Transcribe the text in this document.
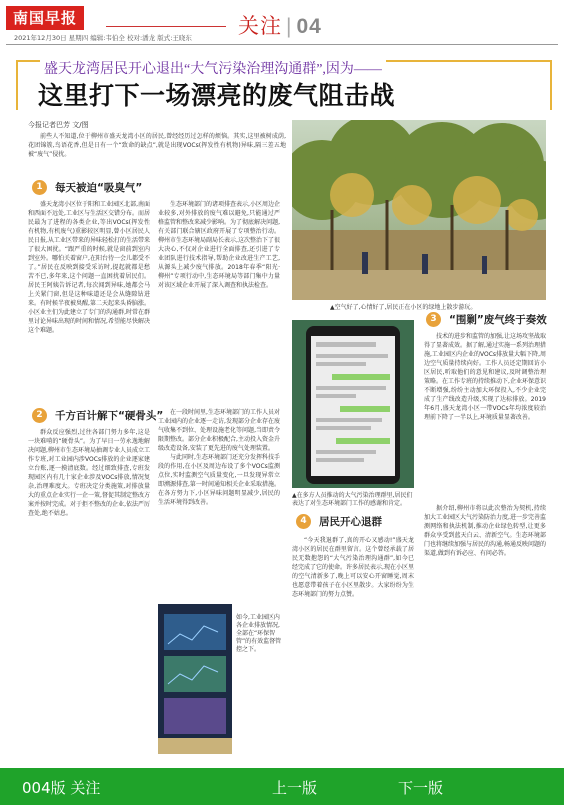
南国早报
2021年12月30日 星期四 编辑:韦伯全 校对:潘龙 版式:王晓东 关注 | 04
盛天龙湾居民开心退出“大气污染治理沟通群”,因为——
这里打下一场漂亮的废气阻击战
今报记者巴芳 文/图
前些人不知道,位于柳州市盛天龙湾小区的居民,曾经经历过怎样的烦恼。其实,这里被树成荫,花团锦簇,鸟语花香,但是日有一个“致命的缺点”,就是出现VOCs(挥发性有机物)异味,隔三差五地被“废气”侵扰。
1	每天被迫“吸臭气”

盛天龙湾小区位于阳和工业园区北部,南面和西面不远处,工业区与生活区交错分布。而居民最为了进程的各类企业,等出VOCs(挥发性有机物,有机废气)重影较区明显,曾小区居民人民日报,从工业区带来的异味轻松打的生活带来了很大困扰。“跟严重的时候,就是窗前到室内到室外。哪怕关着窗户,在阳台待一会儿都受不了。”居民在反映到接受采访时,提起就都是愁苦不已,多年来,这个问题一直困扰着居民们。居民王阿姨告诉记者,每次闻到异味,她都会马上关紧门窗,但是这种味道还是会从缝隙钻进来。有时候半夜被臭醒,第二天起来头昏脑涨。小区业主们为此建立了专门的沟通群,时常在群里讨论异味出现的时间和情况,希望能尽快解决这个难题。

生态环境部门的诸项排查表示,小区周边企业较多,对外排放的废气难以避免,只能通过严格监管和整改来减少影响。为了彻底解决问题,有关部门联合辖区政府开展了专项整治行动。柳州市生态环境局副局长表示,这次整治下了很大决心,不仅对企业进行全面排查,还引进了专业团队进行技术指导,帮助企业改进生产工艺,从源头上减少废气排放。2018年春季“阳光·柳州”专项行动中,生态环境局等部门集中力量对该区域企业开展了深入调查和执法检查。

▲空气好了,心情好了,居民正在小区的绿地上散步游玩。
▲在多方人员推动的大气污染治理群里,居民们表达了对生态环境部门工作的感谢和肯定。
3	“围剿”废气终于奏效

技术的进步和监管的加强,让这场攻坚战取得了显著成效。据了解,通过实施一系列治理措施,工业园区内企业的VOCs排放量大幅下降,周边空气质量持续向好。工作人员还定期回访小区居民,听取他们的意见和建议,及时调整治理策略。在工作专班的持续推动下,企业环保意识不断增强,纷纷主动加大环保投入,不少企业完成了生产线改造升级,实现了达标排放。2019年6月,盛天龙湾小区一带VOCs年均浓度较治理前下降了一半以上,环境质量显著改善。

2	千方百计解下“硬骨头”

群众反应强烈,过往各部门努力多年,这是一块难啃的“硬骨头”。为了早日一劳永逸地解决问题,柳州市生态环境局抽调专业人员成立工作专班,对工业园内涉VOCs排放的企业逐家建立台账,逐一摸清底数。经过细致排查,专班发现园区内有几十家企业涉及VOCs排放,情况复杂,治理难度大。专班决定分类施策,对排放量大的重点企业实行一企一策,督促其制定整改方案并按时完成。对于拒不整改的企业,依法严厉查处,绝不姑息。

在一段时间里,生态环境部门的工作人员对工业园内的企业逐一走访,发现部分企业存在废气收集不到位、处理设施老化等问题,当即责令限期整改。部分企业积极配合,主动投入资金升级改造设备,安装了更先进的废气处理装置。

与此同时,生态环境部门还充分发挥科技手段的作用,在小区及周边布设了多个VOCs监测点位,实时监测空气质量变化,一旦发现异常立即溯源排查,第一时间通知相关企业采取措施。在各方努力下,小区异味问题明显减少,居民的生活环境得到改善。

如今,工业园区内各企业排放情况,全部在“环保智管”的有效监督管控之下。
4	居民开心退群

“今天我退群了,真的开心又感动!”盛天龙湾小区的居民在群里留言。这个曾经承载了居民无数抱怨的“大气污染治理沟通群”,如今已经完成了它的使命。许多居民表示,现在小区里的空气清新多了,晚上可以安心开窗睡觉,周末也愿意带着孩子在小区里散步。大家纷纷为生态环境部门的努力点赞。

据介绍,柳州市将以此次整治为契机,持续加大工业园区大气污染防治力度,进一步完善监测网络和执法机制,推动企业绿色转型,让更多群众享受到蓝天白云、清新空气。生态环境部门也将继续加强与居民的沟通,畅通反映问题的渠道,做到有诉必应、有问必答。

004版 关注	上一版	下一版
